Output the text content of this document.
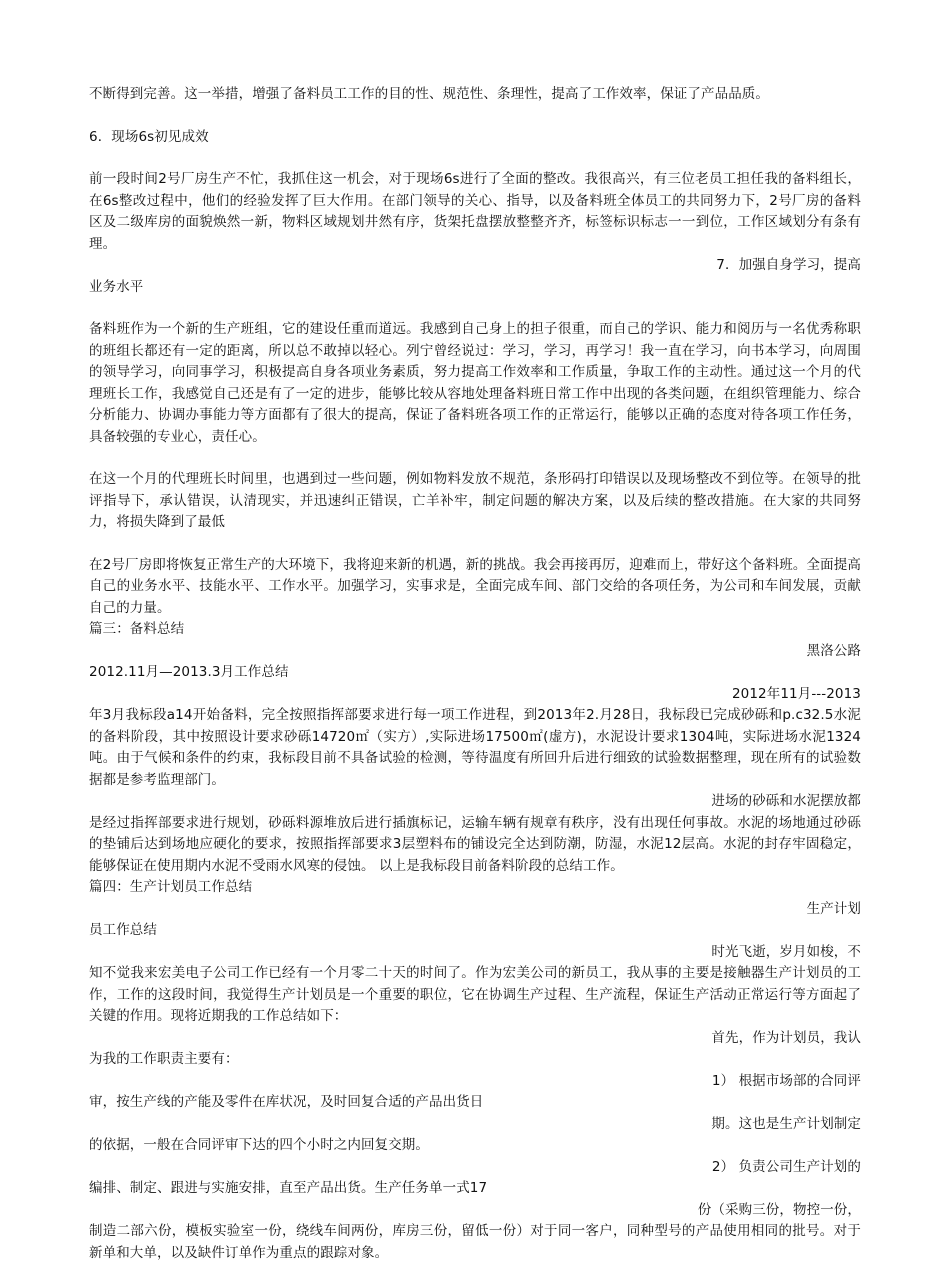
不断得到完善。这一举措，增强了备料员工工作的目的性、规范性、条理性，提高了工作效率，保证了产品品质。

6．现场6s初见成效

前一段时间2号厂房生产不忙，我抓住这一机会，对于现场6s进行了全面的整改。我很高兴，有三位老员工担任我的备料组长，在6s整改过程中，他们的经验发挥了巨大作用。在部门领导的关心、指导，以及备料班全体员工的共同努力下，2号厂房的备料区及二级库房的面貌焕然一新，物料区域规划井然有序，货架托盘摆放整整齐齐，标签标识标志一一到位，工作区域划分有条有理。

7．加强自身学习，提高

业务水平

备料班作为一个新的生产班组，它的建设任重而道远。我感到自己身上的担子很重，而自己的学识、能力和阅历与一名优秀称职的班组长都还有一定的距离，所以总不敢掉以轻心。列宁曾经说过：学习，学习，再学习！我一直在学习，向书本学习，向周围的领导学习，向同事学习，积极提高自身各项业务素质，努力提高工作效率和工作质量，争取工作的主动性。通过这一个月的代理班长工作，我感觉自己还是有了一定的进步，能够比较从容地处理备料班日常工作中出现的各类问题，在组织管理能力、综合分析能力、协调办事能力等方面都有了很大的提高，保证了备料班各项工作的正常运行，能够以正确的态度对待各项工作任务，具备较强的专业心，责任心。

在这一个月的代理班长时间里，也遇到过一些问题，例如物料发放不规范，条形码打印错误以及现场整改不到位等。在领导的批评指导下，承认错误，认清现实，并迅速纠正错误，亡羊补牢，制定问题的解决方案，以及后续的整改措施。在大家的共同努力，将损失降到了最低

在2号厂房即将恢复正常生产的大环境下，我将迎来新的机遇，新的挑战。我会再接再厉，迎难而上，带好这个备料班。全面提高自己的业务水平、技能水平、工作水平。加强学习，实事求是，全面完成车间、部门交给的各项任务，为公司和车间发展，贡献自己的力量。

篇三：备料总结

黑洛公路

2012.11月—2013.3月工作总结

2012年11月---2013

年3月我标段a14开始备料，完全按照指挥部要求进行每一项工作进程，到2013年2.月28日，我标段已完成砂砾和p.c32.5水泥的备料阶段，其中按照设计要求砂砾14720㎡（实方）,实际进场17500㎡(虚方)，水泥设计要求1304吨，实际进场水泥1324吨。由于气候和条件的约束，我标段目前不具备试验的检测，等待温度有所回升后进行细致的试验数据整理，现在所有的试验数据都是参考监理部门。

进场的砂砾和水泥摆放都

是经过指挥部要求进行规划，砂砾料源堆放后进行插旗标记，运输车辆有规章有秩序，没有出现任何事故。水泥的场地通过砂砾的垫铺后达到场地应硬化的要求，按照指挥部要求3层塑料布的铺设完全达到防潮，防湿，水泥12层高。水泥的封存牢固稳定，能够保证在使用期内水泥不受雨水风寒的侵蚀。 以上是我标段目前备料阶段的总结工作。

篇四：生产计划员工作总结

生产计划

员工作总结

时光飞逝，岁月如梭，不

知不觉我来宏美电子公司工作已经有一个月零二十天的时间了。作为宏美公司的新员工，我从事的主要是接触器生产计划员的工作，工作的这段时间，我觉得生产计划员是一个重要的职位，它在协调生产过程、生产流程，保证生产活动正常运行等方面起了关键的作用。现将近期我的工作总结如下：

首先，作为计划员，我认

为我的工作职责主要有：

1） 根据市场部的合同评

审，按生产线的产能及零件在库状况，及时回复合适的产品出货日

期。这也是生产计划制定

的依据，一般在合同评审下达的四个小时之内回复交期。

2） 负责公司生产计划的

编排、制定、跟进与实施安排，直至产品出货。生产任务单一式17

份（采购三份，物控一份，

制造二部六份，模板实验室一份，绕线车间两份，库房三份，留低一份）对于同一客户，同种型号的产品使用相同的批号。对于新单和大单，以及缺件订单作为重点的跟踪对象。
